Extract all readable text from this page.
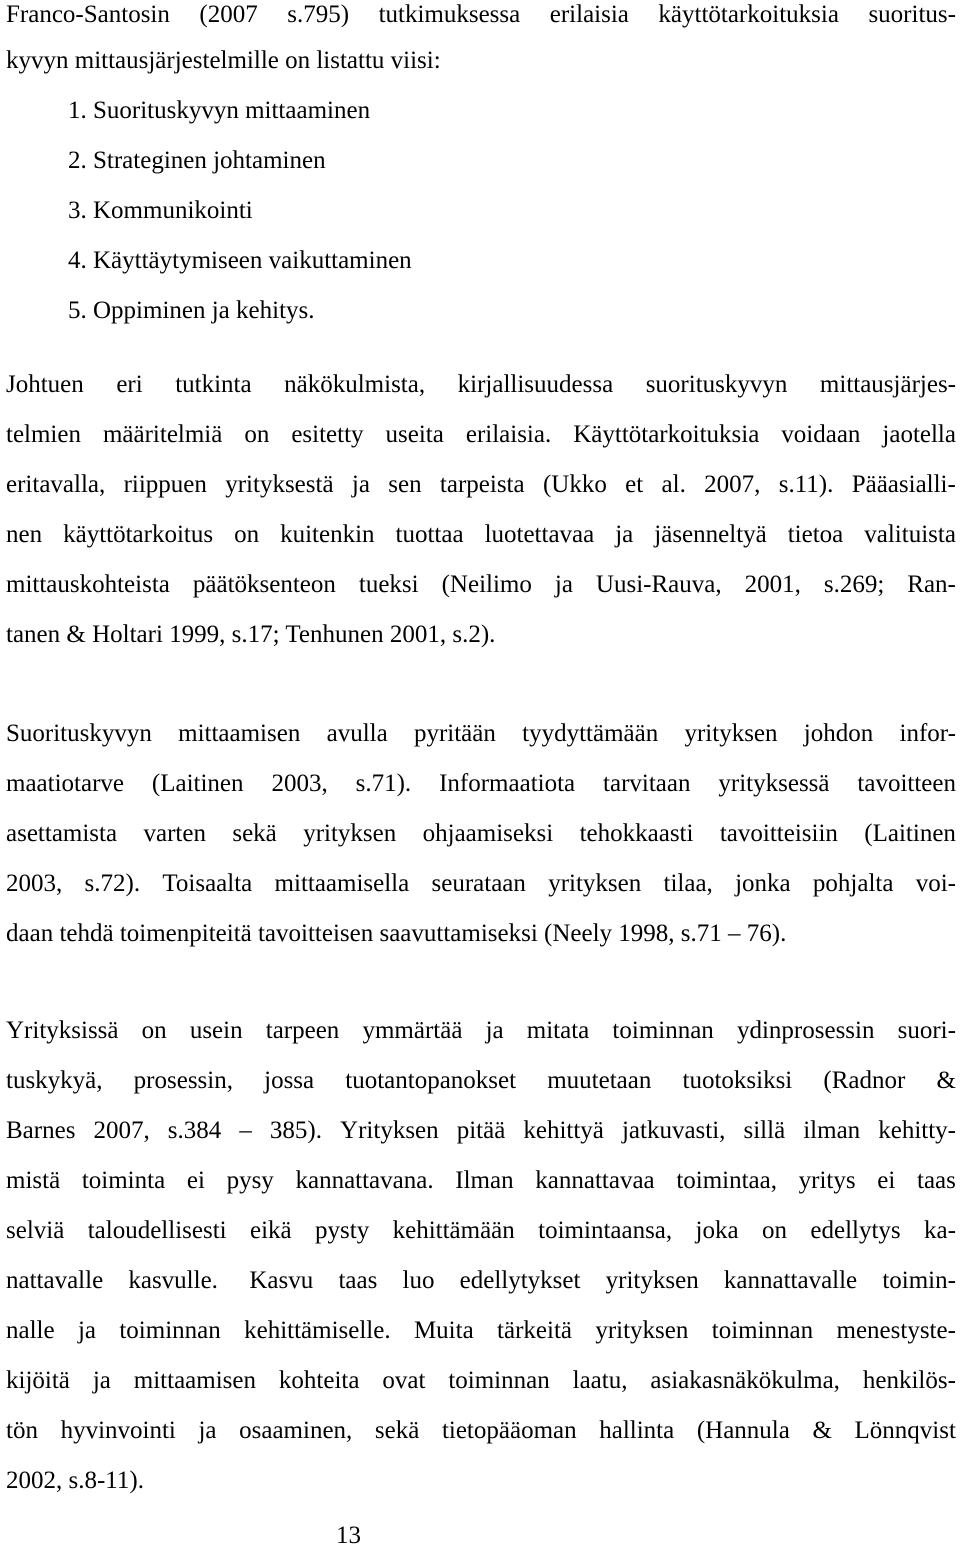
Franco-Santosin (2007 s.795) tutkimuksessa erilaisia käyttötarkoituksia suoritus-
kyvyn mittausjärjestelmille on listattu viisi:
1. Suorituskyvyn mittaaminen
2. Strateginen johtaminen
3. Kommunikointi
4. Käyttäytymiseen vaikuttaminen
5. Oppiminen ja kehitys.
Johtuen eri tutkinta näkökulmista, kirjallisuudessa suorituskyvyn mittausjärjes-
telmien määritelmiä on esitetty useita erilaisia. Käyttötarkoituksia voidaan jaotella
eritavalla, riippuen yrityksestä ja sen tarpeista (Ukko et al. 2007, s.11). Pääasialli-
nen käyttötarkoitus on kuitenkin tuottaa luotettavaa ja jäsenneltyä tietoa valituista
mittauskohteista päätöksenteon tueksi (Neilimo ja Uusi-Rauva, 2001, s.269; Ran-
tanen & Holtari 1999, s.17; Tenhunen 2001, s.2).
Suorituskyvyn mittaamisen avulla pyritään tyydyttämään yrityksen johdon infor-
maatiotarve (Laitinen 2003, s.71). Informaatiota tarvitaan yrityksessä tavoitteen
asettamista varten sekä yrityksen ohjaamiseksi tehokkaasti tavoitteisiin (Laitinen
2003, s.72). Toisaalta mittaamisella seurataan yrityksen tilaa, jonka pohjalta voi-
daan tehdä toimenpiteitä tavoitteisen saavuttamiseksi (Neely 1998, s.71 – 76).
Yrityksissä on usein tarpeen ymmärtää ja mitata toiminnan ydinprosessin suori-
tuskykyä, prosessin, jossa tuotantopanokset muutetaan tuotoksiksi (Radnor &
Barnes 2007, s.384 – 385). Yrityksen pitää kehittyä jatkuvasti, sillä ilman kehitty-
mistä toiminta ei pysy kannattavana. Ilman kannattavaa toimintaa, yritys ei taas
selviä taloudellisesti eikä pysty kehittämään toimintaansa, joka on edellytys ka-
nattavalle kasvulle. Kasvu taas luo edellytykset yrityksen kannattavalle toimin-
nalle ja toiminnan kehittämiselle. Muita tärkeitä yrityksen toiminnan menestyste-
kijöitä ja mittaamisen kohteita ovat toiminnan laatu, asiakasnäkökulma, henkilös-
tön hyvinvointi ja osaaminen, sekä tietopääoman hallinta (Hannula & Lönnqvist
2002, s.8-11).
13
